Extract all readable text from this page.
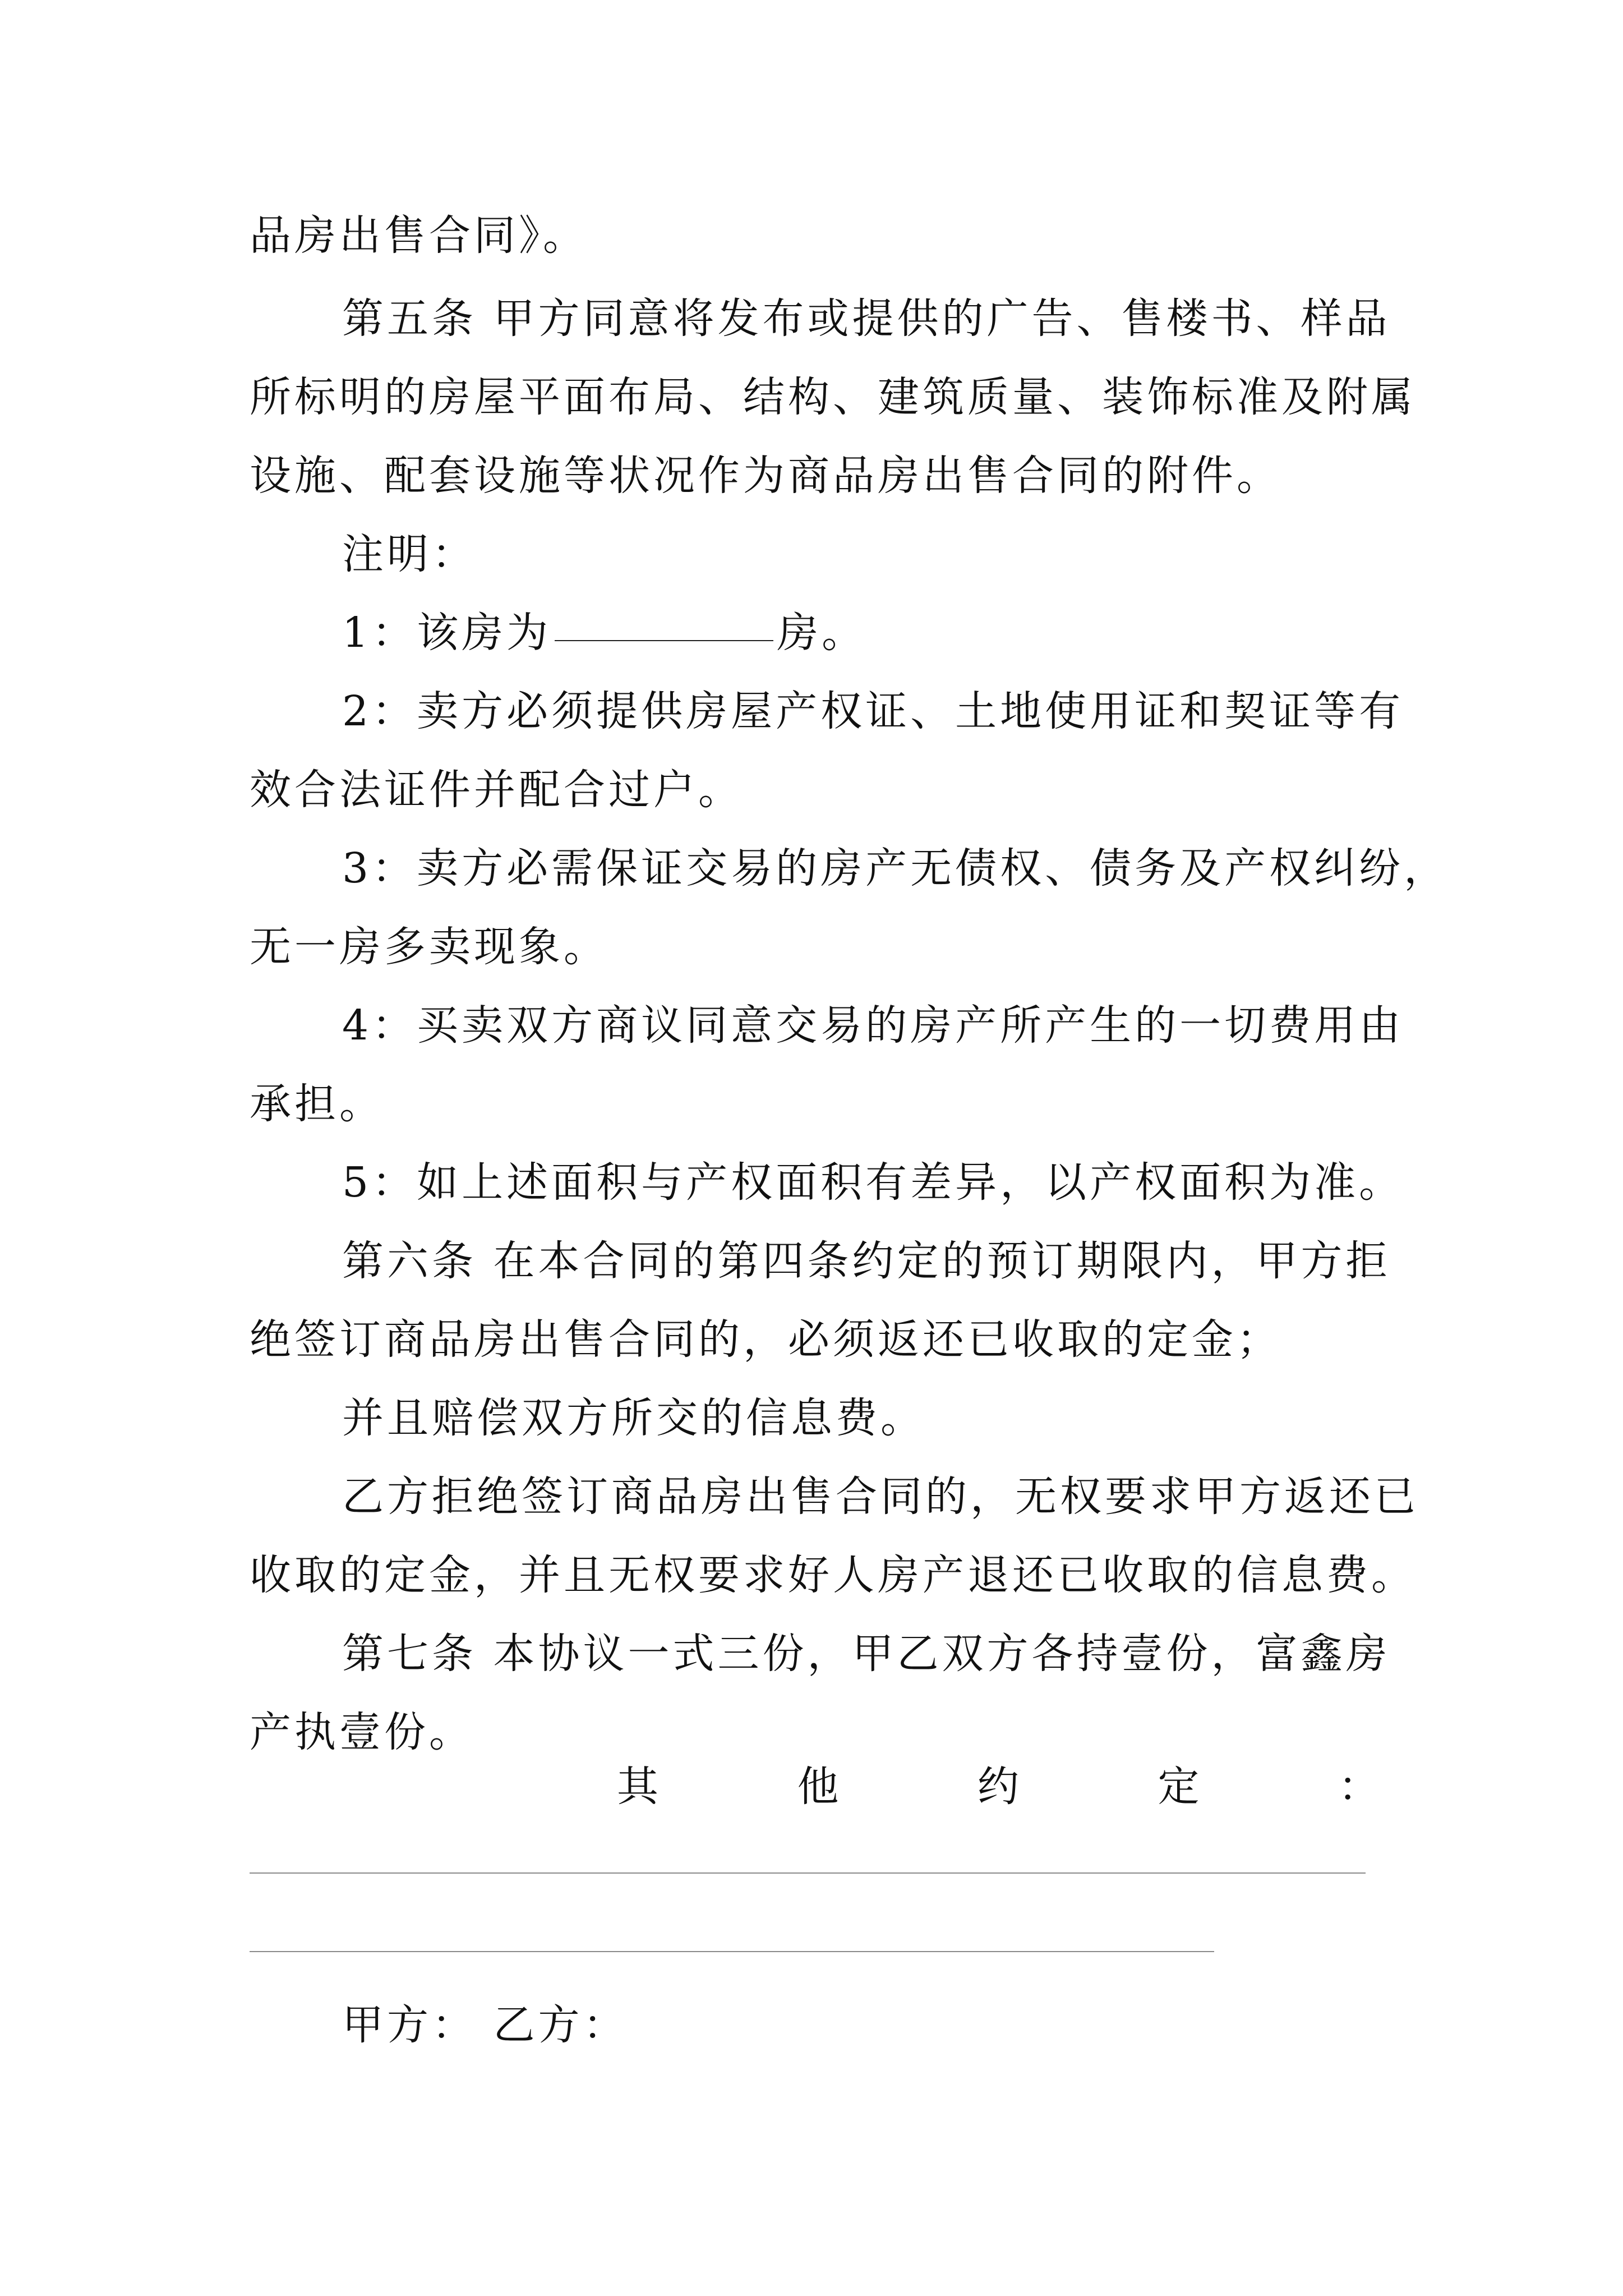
品房出售合同》。
第五条 甲方同意将发布或提供的广告、售楼书、样品
所标明的房屋平面布局、结构、建筑质量、装饰标准及附属
设施、配套设施等状况作为商品房出售合同的附件。
注明：
1：该房为	房。
2：卖方必须提供房屋产权证、土地使用证和契证等有
效合法证件并配合过户。
3：卖方必需保证交易的房产无债权、债务及产权纠纷，
无一房多卖现象。
4：买卖双方商议同意交易的房产所产生的一切费用由
承担。
5：如上述面积与产权面积有差异，以产权面积为准。
第六条 在本合同的第四条约定的预订期限内，甲方拒
绝签订商品房出售合同的，必须返还已收取的定金；
并且赔偿双方所交的信息费。
乙方拒绝签订商品房出售合同的，无权要求甲方返还已
收取的定金，并且无权要求好人房产退还已收取的信息费。
第七条 本协议一式三份，甲乙双方各持壹份，富鑫房
产执壹份。
其	他	约	定	：
甲方： 乙方：
